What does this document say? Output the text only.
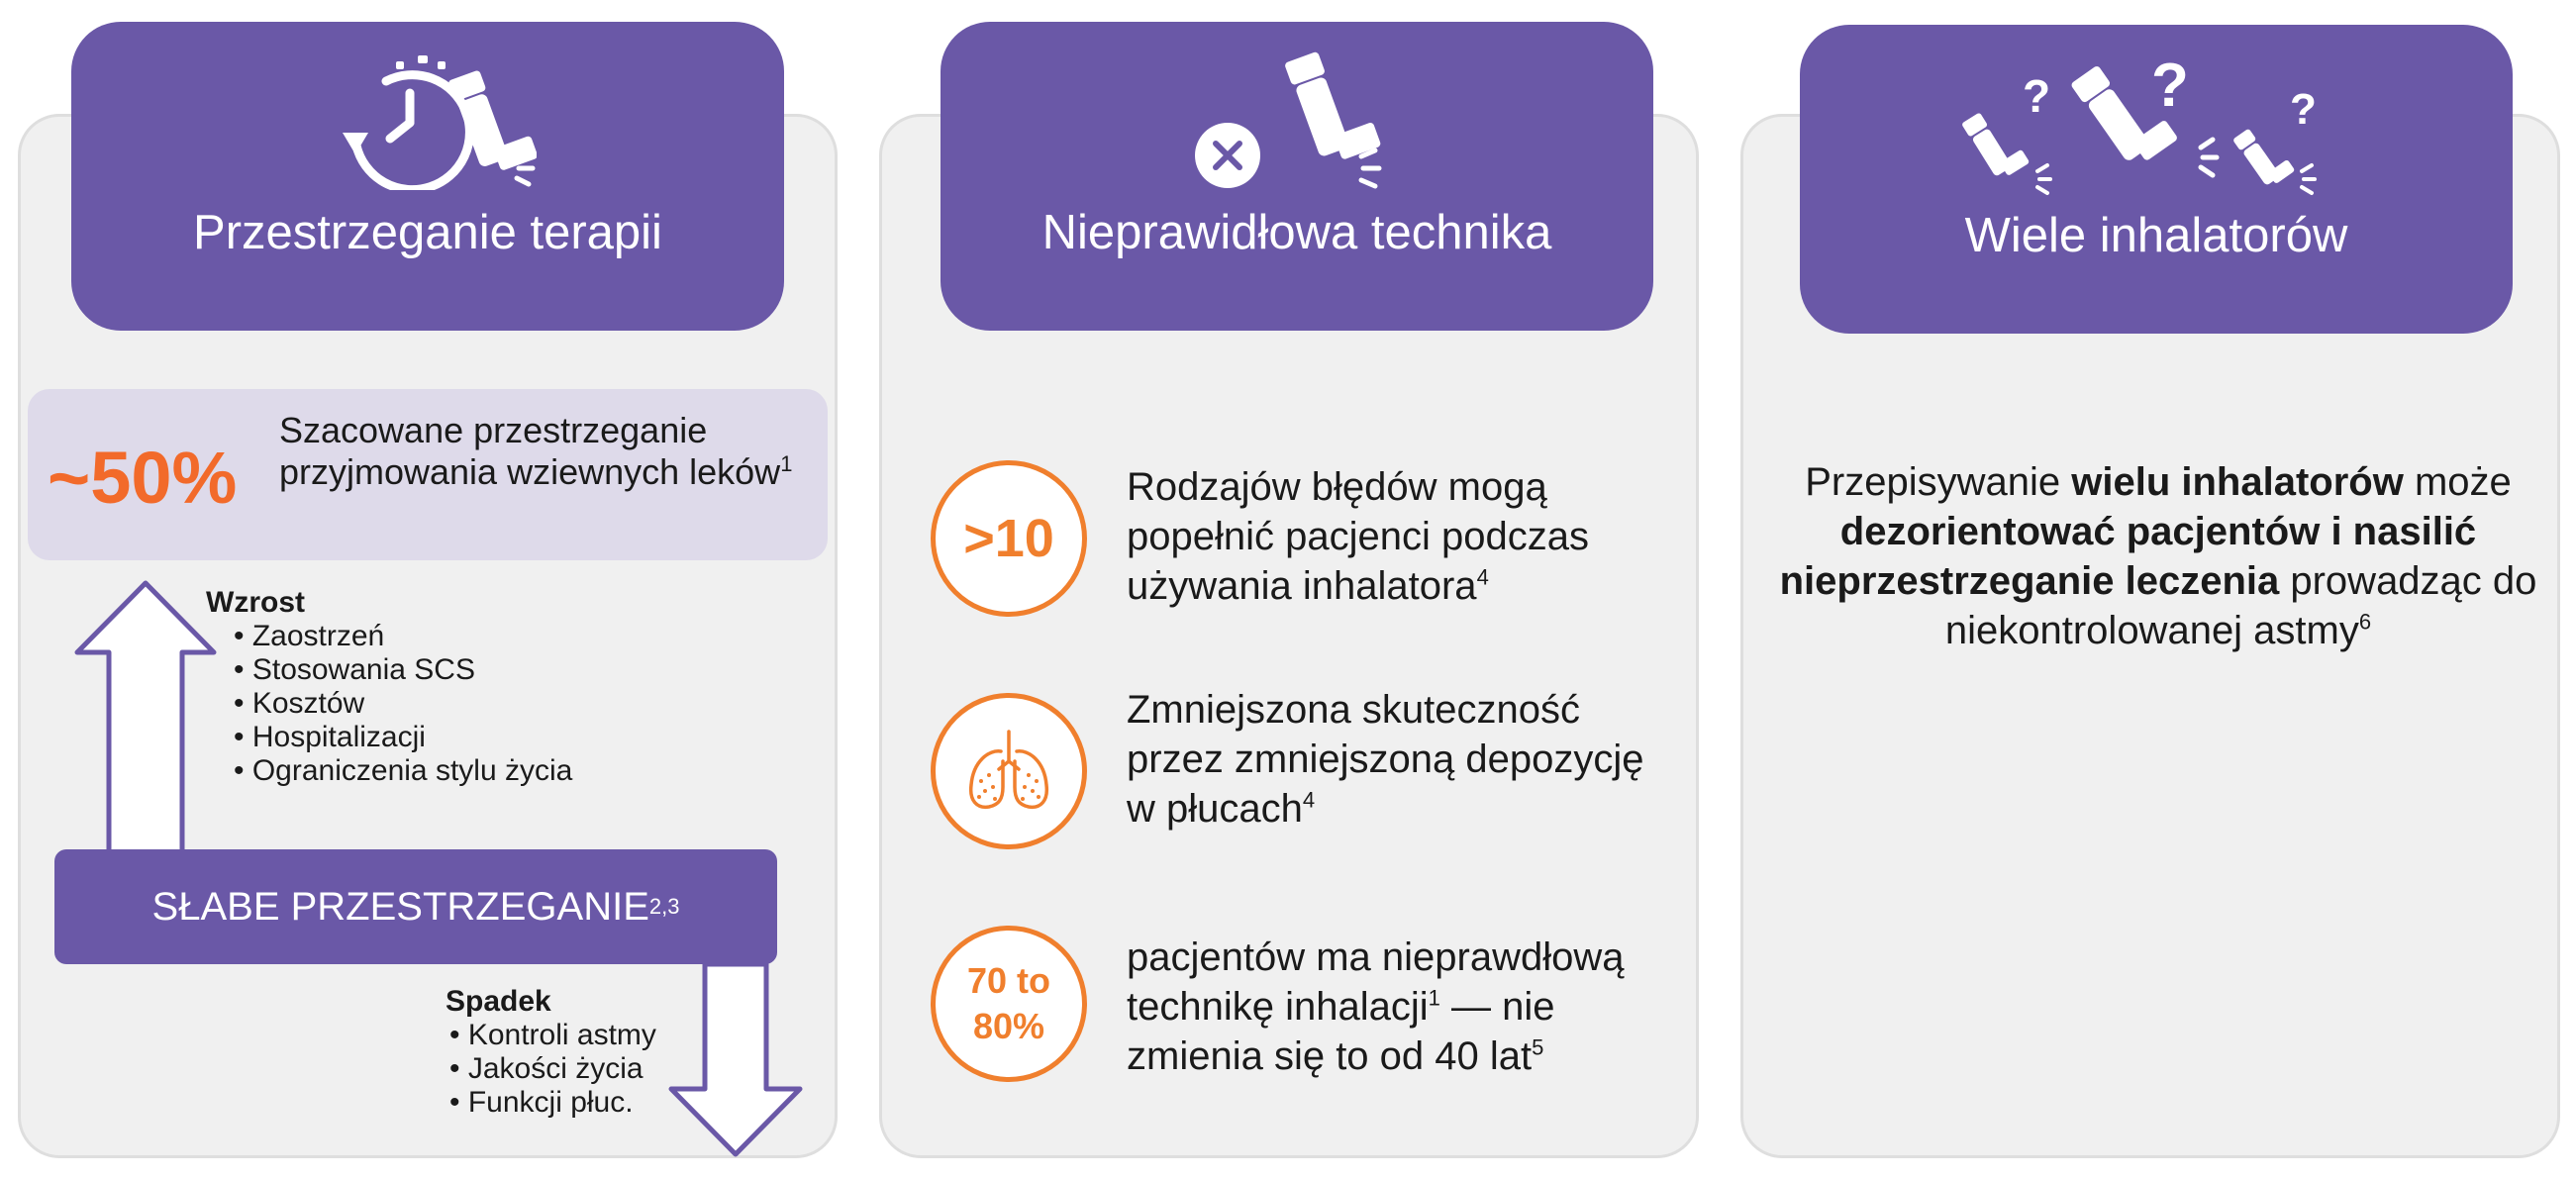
Przestrzeganie terapii
~50%
Szacowane przestrzeganie przyjmowania wziewnych leków$^1$
Wzrost
• Zaostrzeń
• Stosowania SCS
• Kosztów
• Hospitalizacji
• Ograniczenia stylu życia
SŁABE PRZESTRZEGANIE 2,3
Spadek
• Kontroli astmy
• Jakości życia
• Funkcji płuc.
Nieprawidłowa technika
>10
Rodzajów błędów mogą popełnić pacjenci podczas używania inhalatora$^4$
Zmniejszona skuteczność przez zmniejszoną depozycję w płucach$^4$
70 to
80%
pacjentów ma nieprawdłową technikę inhalacji$^1$ — nie zmienia się to od 40 lat$^5$
? ? ?
Wiele inhalatorów
Przepisywanie wielu inhalatorów może dezorientować pacjentów i nasilić nieprzestrzeganie leczenia prowadząc do niekontrolowanej astmy$^6$
